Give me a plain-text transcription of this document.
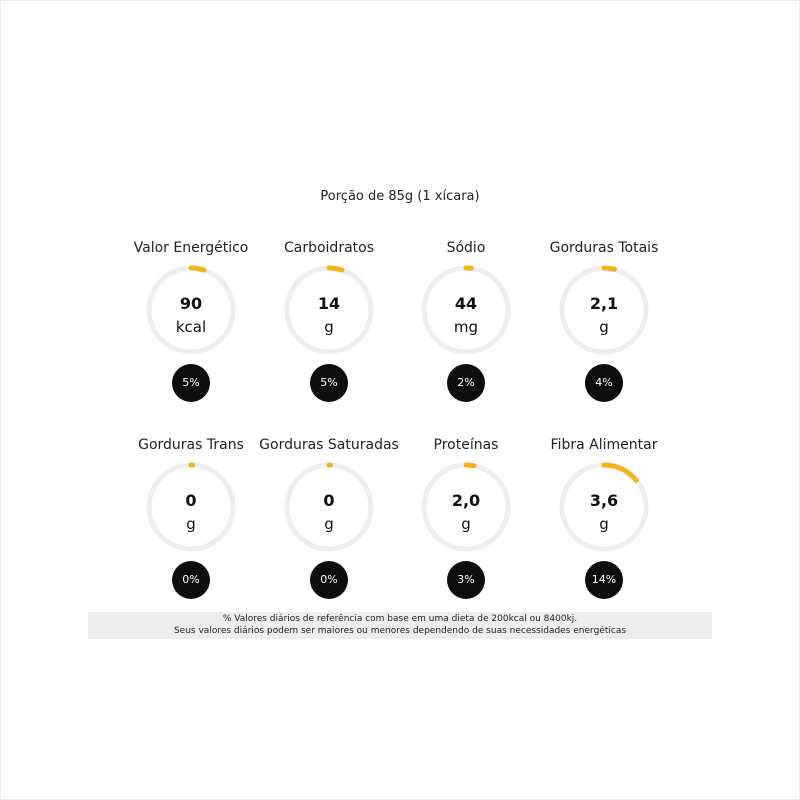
Porção de 85g (1 xícara)
Valor Energético
90
kcal
5%
Carboidratos
14
g
5%
Sódio
44
mg
2%
Gorduras Totais
2,1
g
4%
Gorduras Trans
0
g
0%
Gorduras Saturadas
0
g
0%
Proteínas
2,0
g
3%
Fibra Alimentar
3,6
g
14%
% Valores diários de referência com base em uma dieta de 200kcal ou 8400kj.
Seus valores diários podem ser maiores ou menores dependendo de suas necessidades energéticas
